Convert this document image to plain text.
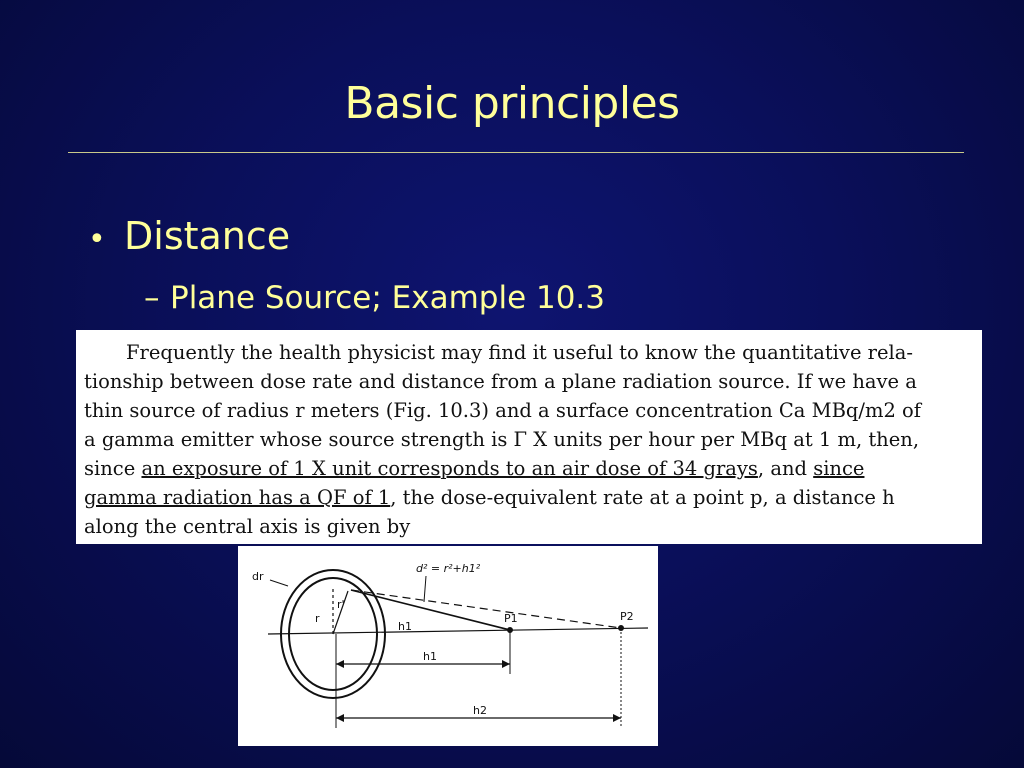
Basic principles
• Distance
– Plane Source; Example 10.3
Frequently the health physicist may find it useful to know the quantitative rela-
tionship between dose rate and distance from a plane radiation source. If we have a
thin source of radius r meters (Fig. 10.3) and a surface concentration Ca MBq/m2 of
a gamma emitter whose source strength is Γ X units per hour per MBq at 1 m, then,
since an exposure of 1 X unit corresponds to an air dose of 34 grays, and since
gamma radiation has a QF of 1, the dose-equivalent rate at a point p, a distance h
along the central axis is given by
dr
r
r'
h1
P1	P2
h1
h2
d² = r²+h1²
